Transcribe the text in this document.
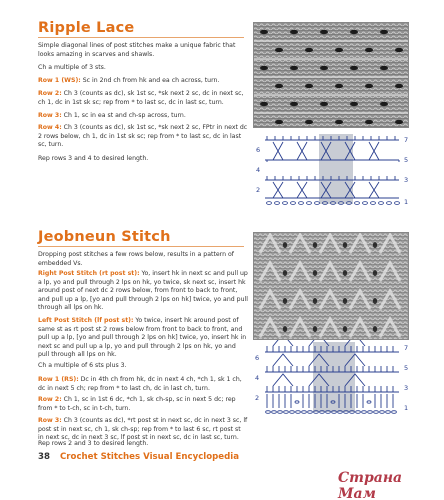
Ripple Lace
Simple diagonal lines of post stitches make a unique fabric that looks amazing in scarves and shawls.
Ch a multiple of 3 sts.
Row 1 (WS): Sc in 2nd ch from hk and ea ch across, turn.
Row 2: Ch 3 (counts as dc), sk 1st sc, *sk next 2 sc, dc in next sc, ch 1, dc in 1st sk sc; rep from * to last sc, dc in last sc, turn.
Row 3: Ch 1, sc in ea st and ch-sp across, turn.
Row 4: Ch 3 (counts as dc), sk 1st sc, *sk next 2 sc, FPtr in next dc 2 rows below, ch 1, dc in 1st sk sc; rep from * to last sc, dc in last sc, turn.
Rep rows 3 and 4 to desired length.
7
5
3
1
6
4
2
Jeobneun Stitch
Dropping post stitches a few rows below, results in a pattern of embedded Vs.
Right Post Stitch (rt post st): Yo, insert hk in next sc and pull up a lp, yo and pull through 2 lps on hk, yo twice, sk next sc, insert hk around post of next dc 2 rows below, from front to back to front, and pull up a lp, [yo and pull through 2 lps on hk] twice, yo and pull through all lps on hk.
Left Post Stitch (lf post st): Yo twice, insert hk around post of same st as rt post st 2 rows below from front to back to front, and pull up a lp, [yo and pull through 2 lps on hk] twice, yo, insert hk in next sc and pull up a lp, yo and pull through 2 lps on hk, yo and pull through all lps on hk.
Ch a multiple of 6 sts plus 3.
Row 1 (RS): Dc in 4th ch from hk, dc in next 4 ch, *ch 1, sk 1 ch, dc in next 5 ch; rep from * to last ch, dc in last ch, turn.
Row 2: Ch 1, sc in 1st 6 dc, *ch 1, sk ch-sp, sc in next 5 dc; rep from * to t-ch, sc in t-ch, turn.
Row 3: Ch 3 (counts as dc), *rt post st in next sc, dc in next 3 sc, lf post st in next sc, ch 1, sk ch-sp; rep from * to last 6 sc, rt post st in next sc, dc in next 3 sc, lf post st in next sc, dc in last sc, turn.
Rep rows 2 and 3 to desired length.
7
5
3
1
6
4
2
38 Crochet Stitches Visual Encyclopedia
Страна Мам
